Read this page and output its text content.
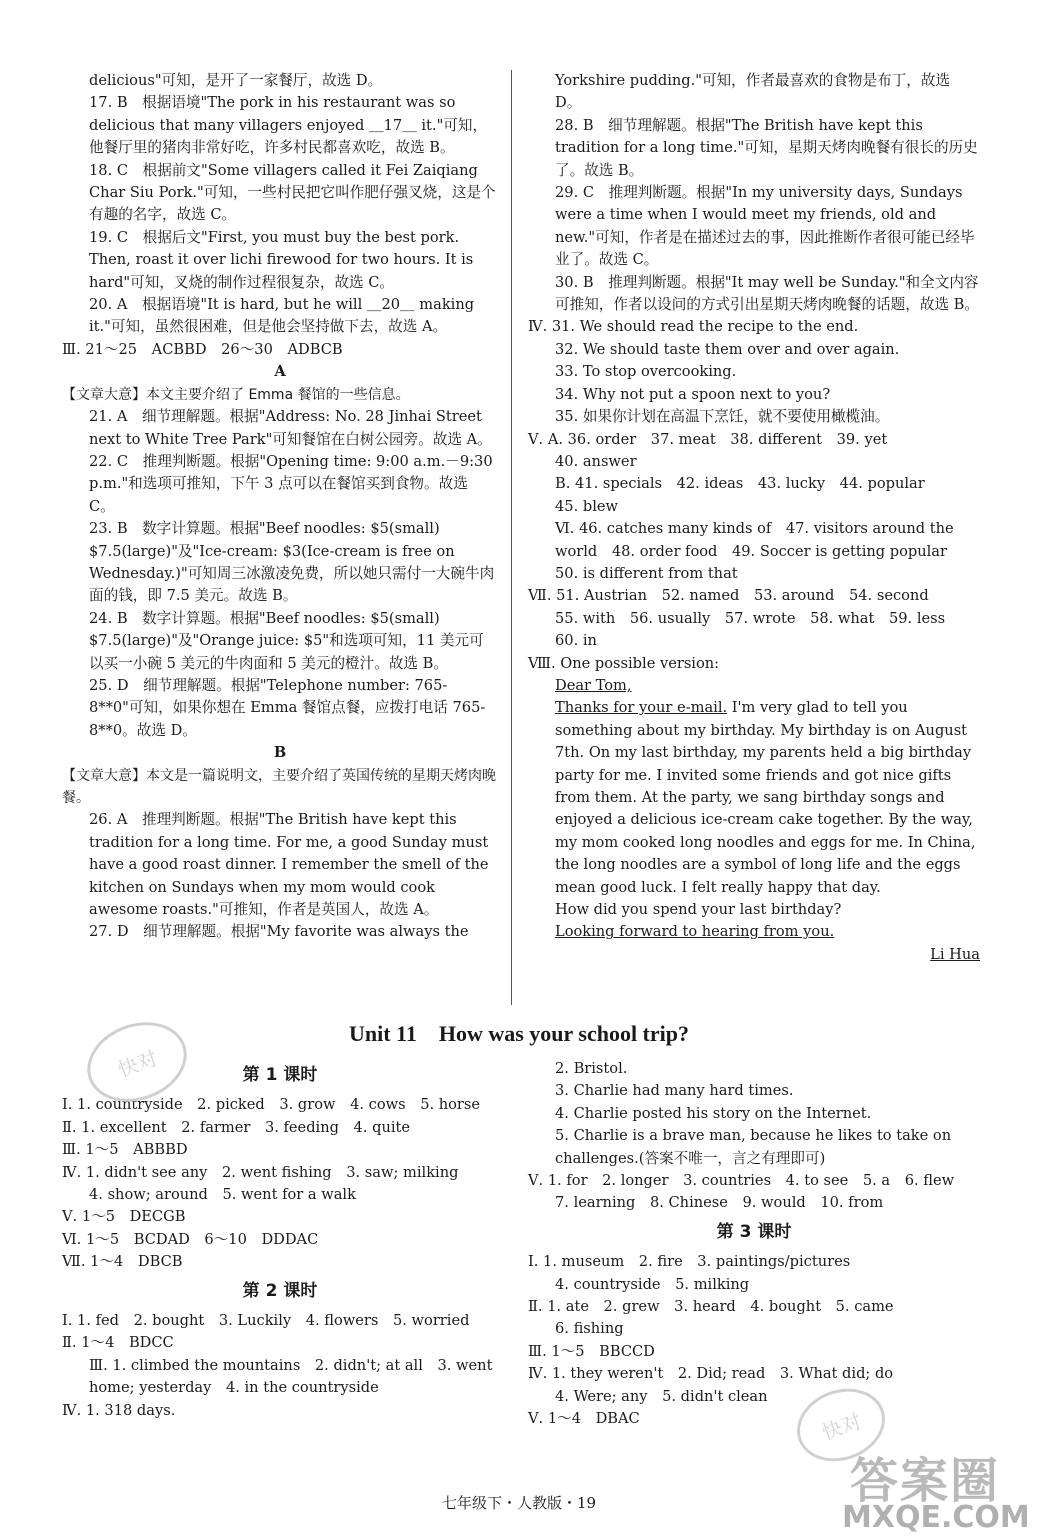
delicious"可知，是开了一家餐厅，故选 D。
17. B　根据语境"The pork in his restaurant was so delicious that many villagers enjoyed ＿17＿ it."可知，他餐厅里的猪肉非常好吃，许多村民都喜欢吃，故选 B。
18. C　根据前文"Some villagers called it Fei Zaiqiang Char Siu Pork."可知，一些村民把它叫作肥仔强叉烧，这是个有趣的名字，故选 C。
19. C　根据后文"First, you must buy the best pork. Then, roast it over lichi firewood for two hours. It is hard"可知，叉烧的制作过程很复杂，故选 C。
20. A　根据语境"It is hard, but he will ＿20＿ making it."可知，虽然很困难，但是他会坚持做下去，故选 A。
Ⅲ. 21～25　ACBBD　26～30　ADBCB
A
【文章大意】本文主要介绍了 Emma 餐馆的一些信息。
21. A　细节理解题。根据"Address: No. 28 Jinhai Street next to White Tree Park"可知餐馆在白树公园旁。故选 A。
22. C　推理判断题。根据"Opening time: 9:00 a.m.－9:30 p.m."和选项可推知，下午 3 点可以在餐馆买到食物。故选 C。
23. B　数字计算题。根据"Beef noodles: $5(small) $7.5(large)"及"Ice-cream: $3(Ice-cream is free on Wednesday.)"可知周三冰激凌免费，所以她只需付一大碗牛肉面的钱，即 7.5 美元。故选 B。
24. B　数字计算题。根据"Beef noodles: $5(small) $7.5(large)"及"Orange juice: $5"和选项可知，11 美元可以买一小碗 5 美元的牛肉面和 5 美元的橙汁。故选 B。
25. D　细节理解题。根据"Telephone number: 765-8**0"可知，如果你想在 Emma 餐馆点餐，应拨打电话 765-8**0。故选 D。
B
【文章大意】本文是一篇说明文，主要介绍了英国传统的星期天烤肉晚餐。
26. A　推理判断题。根据"The British have kept this tradition for a long time. For me, a good Sunday must have a good roast dinner. I remember the smell of the kitchen on Sundays when my mom would cook awesome roasts."可推知，作者是英国人，故选 A。
27. D　细节理解题。根据"My favorite was always the
Yorkshire pudding."可知，作者最喜欢的食物是布丁，故选 D。
28. B　细节理解题。根据"The British have kept this tradition for a long time."可知，星期天烤肉晚餐有很长的历史了。故选 B。
29. C　推理判断题。根据"In my university days, Sundays were a time when I would meet my friends, old and new."可知，作者是在描述过去的事，因此推断作者很可能已经毕业了。故选 C。
30. B　推理判断题。根据"It may well be Sunday."和全文内容可推知，作者以设问的方式引出星期天烤肉晚餐的话题，故选 B。
Ⅳ. 31. We should read the recipe to the end.
32. We should taste them over and over again.
33. To stop overcooking.
34. Why not put a spoon next to you?
35. 如果你计划在高温下烹饪，就不要使用橄榄油。
Ⅴ. A. 36. order　37. meat　38. different　39. yet
40. answer
B. 41. specials　42. ideas　43. lucky　44. popular
45. blew
Ⅵ. 46. catches many kinds of　47. visitors around the world　48. order food　49. Soccer is getting popular　50. is different from that
Ⅶ. 51. Austrian　52. named　53. around　54. second
55. with　56. usually　57. wrote　58. what　59. less
60. in
Ⅷ. One possible version:
Dear Tom,
Thanks for your e-mail. I'm very glad to tell you something about my birthday. My birthday is on August 7th. On my last birthday, my parents held a big birthday party for me. I invited some friends and got nice gifts from them. At the party, we sang birthday songs and enjoyed a delicious ice-cream cake together. By the way, my mom cooked long noodles and eggs for me. In China, the long noodles are a symbol of long life and the eggs mean good luck. I felt really happy that day.
How did you spend your last birthday?
Looking forward to hearing from you.
Li Hua
Unit 11　How was your school trip?
第 1 课时
Ⅰ. 1. countryside　2. picked　3. grow　4. cows　5. horse
Ⅱ. 1. excellent　2. farmer　3. feeding　4. quite
Ⅲ. 1～5　ABBBD
Ⅳ. 1. didn't see any　2. went fishing　3. saw; milking
4. show; around　5. went for a walk
Ⅴ. 1～5　DECGB
Ⅵ. 1～5　BCDAD　6～10　DDDAC
Ⅶ. 1～4　DBCB
第 2 课时
Ⅰ. 1. fed　2. bought　3. Luckily　4. flowers　5. worried
Ⅱ. 1～4　BDCC
Ⅲ. 1. climbed the mountains　2. didn't; at all　3. went home; yesterday　4. in the countryside
Ⅳ. 1. 318 days.
2. Bristol.
3. Charlie had many hard times.
4. Charlie posted his story on the Internet.
5. Charlie is a brave man, because he likes to take on challenges.(答案不唯一，言之有理即可)
Ⅴ. 1. for　2. longer　3. countries　4. to see　5. a　6. flew
7. learning　8. Chinese　9. would　10. from
第 3 课时
Ⅰ. 1. museum　2. fire　3. paintings/pictures
4. countryside　5. milking
Ⅱ. 1. ate　2. grew　3. heard　4. bought　5. came
6. fishing
Ⅲ. 1～5　BBCCD
Ⅳ. 1. they weren't　2. Did; read　3. What did; do
4. Were; any　5. didn't clean
Ⅴ. 1～4　DBAC
快对
快对
答案圈
MXQE.COM
七年级下・人教版・19
